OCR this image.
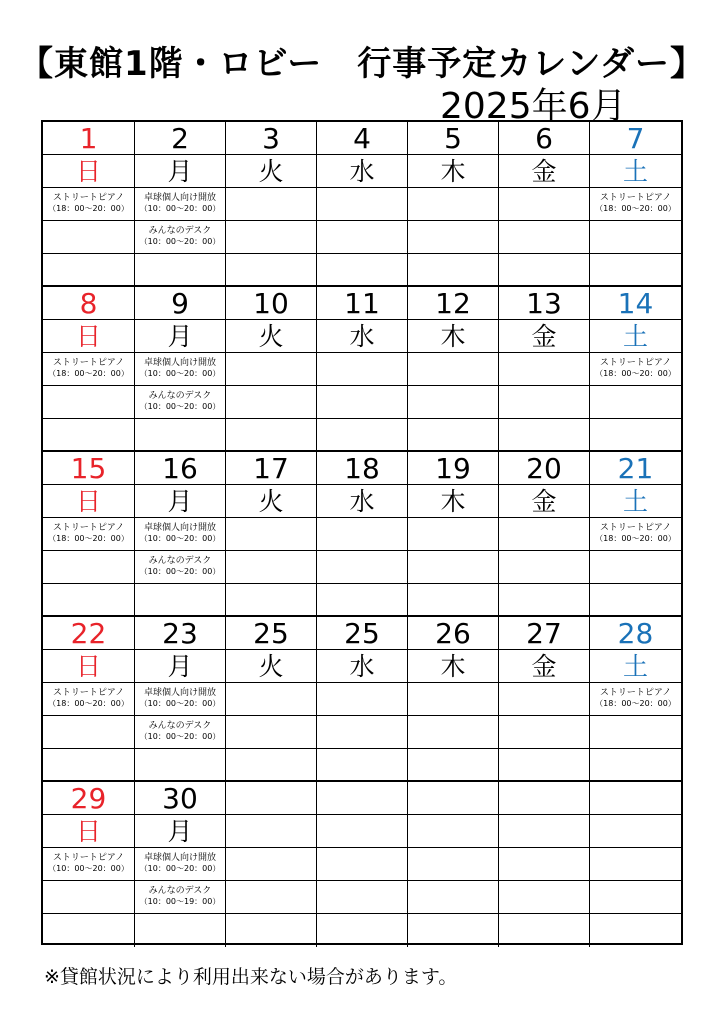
【東館1階・ロビー　行事予定カレンダー】
2025年6月
1
日
ストリートピアノ
（18：00～20：00）
2
月
卓球個人向け開放
（10：00～20：00）
みんなのデスク
（10：00～20：00）
3
火
4
水
5
木
6
金
7
土
ストリートピアノ
（18：00～20：00）
8
日
ストリートピアノ
（18：00～20：00）
9
月
卓球個人向け開放
（10：00～20：00）
みんなのデスク
（10：00～20：00）
10
火
11
水
12
木
13
金
14
土
ストリートピアノ
（18：00～20：00）
15
日
ストリートピアノ
（18：00～20：00）
16
月
卓球個人向け開放
（10：00～20：00）
みんなのデスク
（10：00～20：00）
17
火
18
水
19
木
20
金
21
土
ストリートピアノ
（18：00～20：00）
22
日
ストリートピアノ
（18：00～20：00）
23
月
卓球個人向け開放
（10：00～20：00）
みんなのデスク
（10：00～20：00）
25
火
25
水
26
木
27
金
28
土
ストリートピアノ
（18：00～20：00）
29
日
ストリートピアノ
（10：00～20：00）
30
月
卓球個人向け開放
（10：00～20：00）
みんなのデスク
（10：00～19：00）
※貸館状況により利用出来ない場合があります。
